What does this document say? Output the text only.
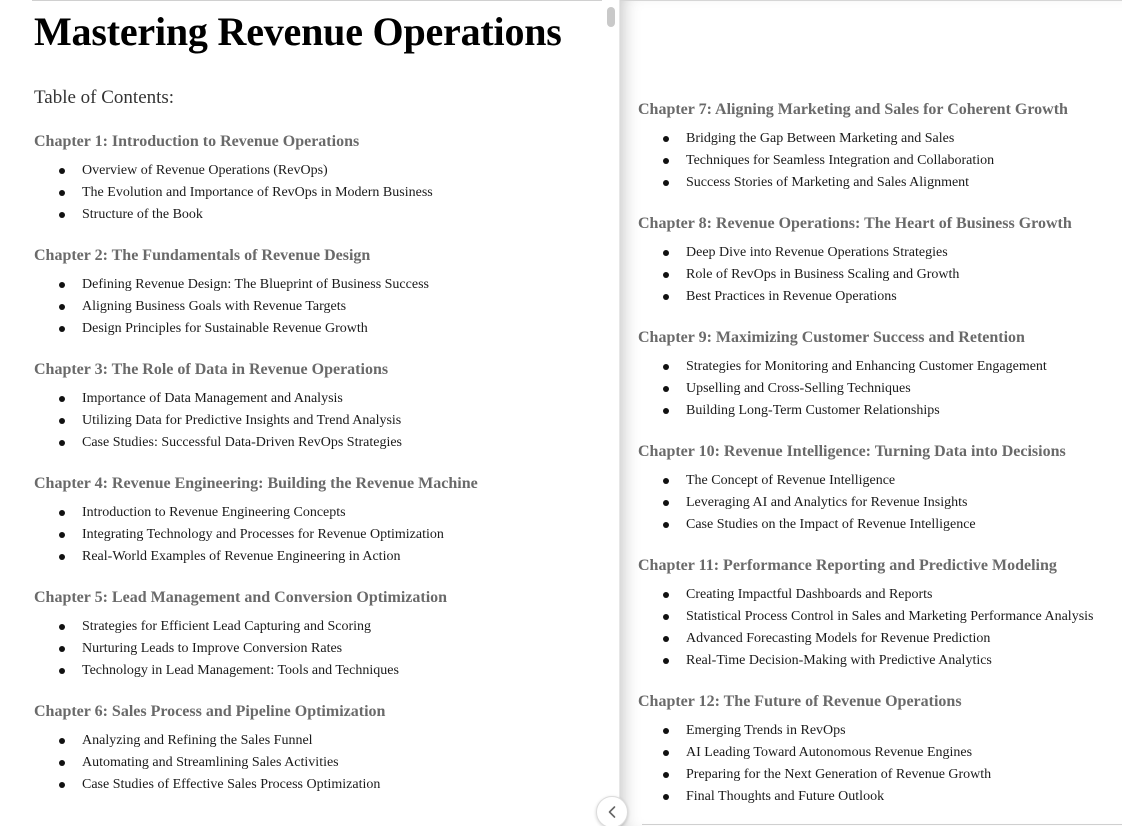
Mastering Revenue Operations
Table of Contents:
Chapter 1: Introduction to Revenue Operations
Overview of Revenue Operations (RevOps)
The Evolution and Importance of RevOps in Modern Business
Structure of the Book
Chapter 2: The Fundamentals of Revenue Design
Defining Revenue Design: The Blueprint of Business Success
Aligning Business Goals with Revenue Targets
Design Principles for Sustainable Revenue Growth
Chapter 3: The Role of Data in Revenue Operations
Importance of Data Management and Analysis
Utilizing Data for Predictive Insights and Trend Analysis
Case Studies: Successful Data-Driven RevOps Strategies
Chapter 4: Revenue Engineering: Building the Revenue Machine
Introduction to Revenue Engineering Concepts
Integrating Technology and Processes for Revenue Optimization
Real-World Examples of Revenue Engineering in Action
Chapter 5: Lead Management and Conversion Optimization
Strategies for Efficient Lead Capturing and Scoring
Nurturing Leads to Improve Conversion Rates
Technology in Lead Management: Tools and Techniques
Chapter 6: Sales Process and Pipeline Optimization
Analyzing and Refining the Sales Funnel
Automating and Streamlining Sales Activities
Case Studies of Effective Sales Process Optimization
Chapter 7: Aligning Marketing and Sales for Coherent Growth
Bridging the Gap Between Marketing and Sales
Techniques for Seamless Integration and Collaboration
Success Stories of Marketing and Sales Alignment
Chapter 8: Revenue Operations: The Heart of Business Growth
Deep Dive into Revenue Operations Strategies
Role of RevOps in Business Scaling and Growth
Best Practices in Revenue Operations
Chapter 9: Maximizing Customer Success and Retention
Strategies for Monitoring and Enhancing Customer Engagement
Upselling and Cross-Selling Techniques
Building Long-Term Customer Relationships
Chapter 10: Revenue Intelligence: Turning Data into Decisions
The Concept of Revenue Intelligence
Leveraging AI and Analytics for Revenue Insights
Case Studies on the Impact of Revenue Intelligence
Chapter 11: Performance Reporting and Predictive Modeling
Creating Impactful Dashboards and Reports
Statistical Process Control in Sales and Marketing Performance Analysis
Advanced Forecasting Models for Revenue Prediction
Real-Time Decision-Making with Predictive Analytics
Chapter 12: The Future of Revenue Operations
Emerging Trends in RevOps
AI Leading Toward Autonomous Revenue Engines
Preparing for the Next Generation of Revenue Growth
Final Thoughts and Future Outlook
